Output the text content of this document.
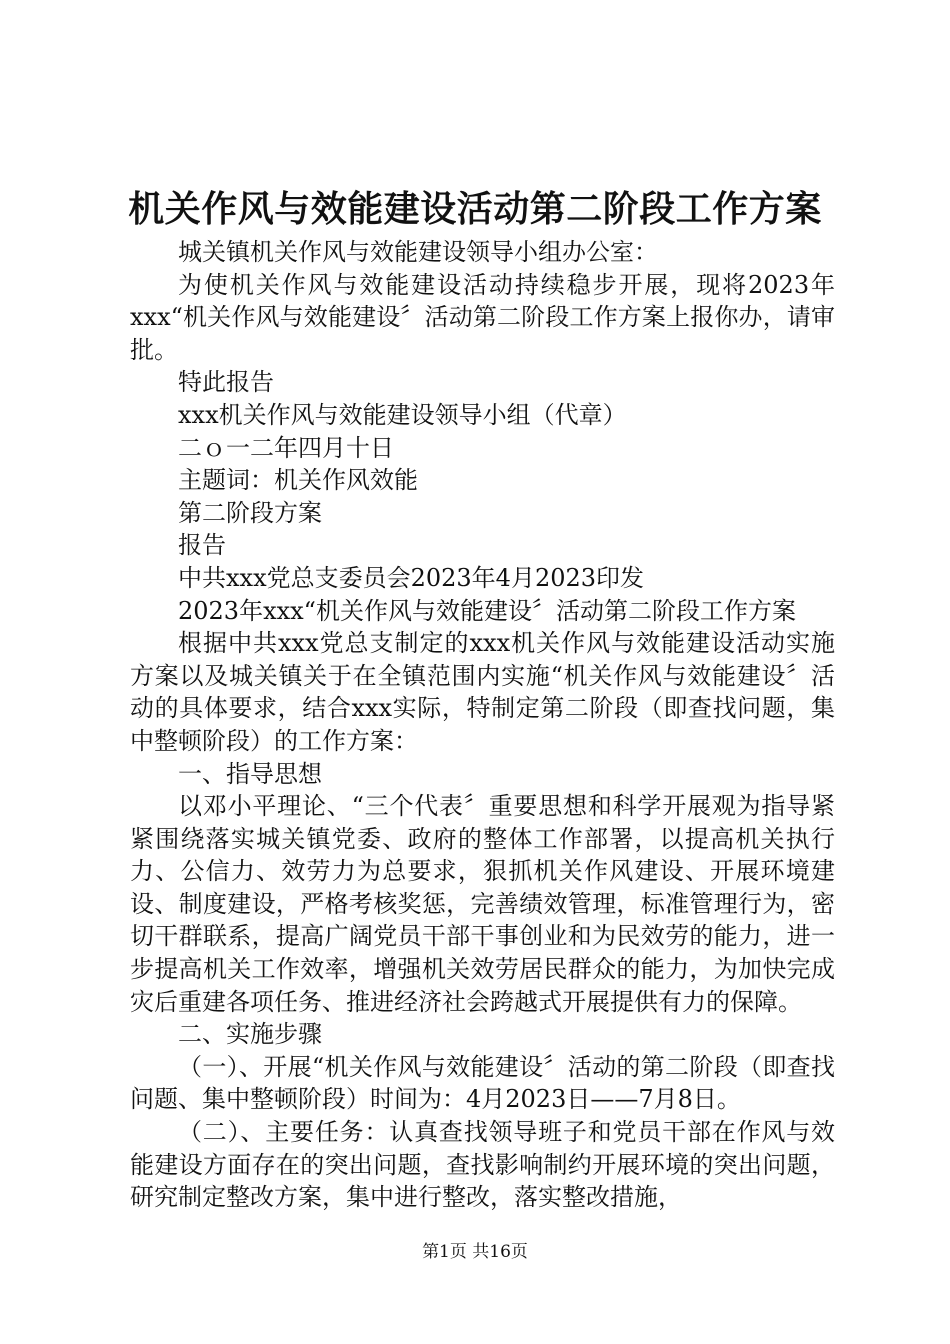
机关作风与效能建设活动第二阶段工作方案

城关镇机关作风与效能建设领导小组办公室：

为使机关作风与效能建设活动持续稳步开展，现将2023年xxx“机关作风与效能建设〞活动第二阶段工作方案上报你办，请审批。

特此报告

xxx机关作风与效能建设领导小组（代章）

二ｏ一二年四月十日

主题词：机关作风效能

第二阶段方案

报告

中共xxx党总支委员会2023年4月2023印发

2023年xxx“机关作风与效能建设〞活动第二阶段工作方案

根据中共xxx党总支制定的xxx机关作风与效能建设活动实施方案以及城关镇关于在全镇范围内实施“机关作风与效能建设〞活动的具体要求，结合xxx实际，特制定第二阶段（即查找问题，集中整顿阶段）的工作方案：

一、指导思想

以邓小平理论、“三个代表〞重要思想和科学开展观为指导紧紧围绕落实城关镇党委、政府的整体工作部署，以提高机关执行力、公信力、效劳力为总要求，狠抓机关作风建设、开展环境建设、制度建设，严格考核奖惩，完善绩效管理，标准管理行为，密切干群联系，提高广阔党员干部干事创业和为民效劳的能力，进一步提高机关工作效率，增强机关效劳居民群众的能力，为加快完成灾后重建各项任务、推进经济社会跨越式开展提供有力的保障。

二、实施步骤

（一）、开展“机关作风与效能建设〞活动的第二阶段（即查找问题、集中整顿阶段）时间为：4月2023日——7月8日。

（二）、主要任务：认真查找领导班子和党员干部在作风与效能建设方面存在的突出问题，查找影响制约开展环境的突出问题，研究制定整改方案，集中进行整改，落实整改措施，

第1页 共16页
